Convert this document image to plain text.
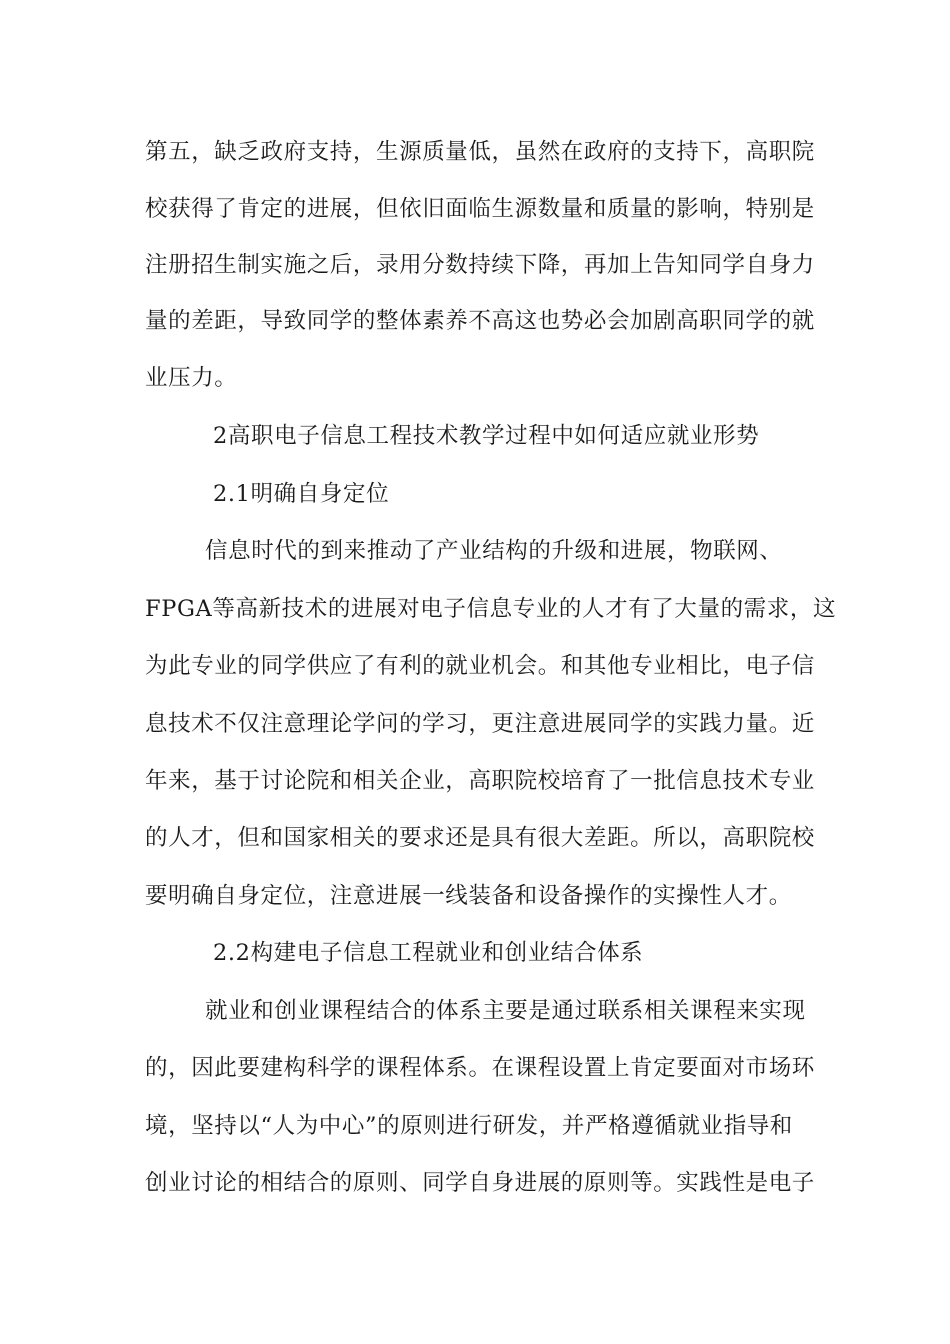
第五，缺乏政府支持，生源质量低，虽然在政府的支持下，高职院
校获得了肯定的进展，但依旧面临生源数量和质量的影响，特别是
注册招生制实施之后，录用分数持续下降，再加上告知同学自身力
量的差距，导致同学的整体素养不高这也势必会加剧高职同学的就
业压力。
2高职电子信息工程技术教学过程中如何适应就业形势
2.1明确自身定位
信息时代的到来推动了产业结构的升级和进展，物联网、
FPGA等高新技术的进展对电子信息专业的人才有了大量的需求，这
为此专业的同学供应了有利的就业机会。和其他专业相比，电子信
息技术不仅注意理论学问的学习，更注意进展同学的实践力量。近
年来，基于讨论院和相关企业，高职院校培育了一批信息技术专业
的人才，但和国家相关的要求还是具有很大差距。所以，高职院校
要明确自身定位，注意进展一线装备和设备操作的实操性人才。
2.2构建电子信息工程就业和创业结合体系
就业和创业课程结合的体系主要是通过联系相关课程来实现
的，因此要建构科学的课程体系。在课程设置上肯定要面对市场环
境，坚持以“人为中心”的原则进行研发，并严格遵循就业指导和
创业讨论的相结合的原则、同学自身进展的原则等。实践性是电子
